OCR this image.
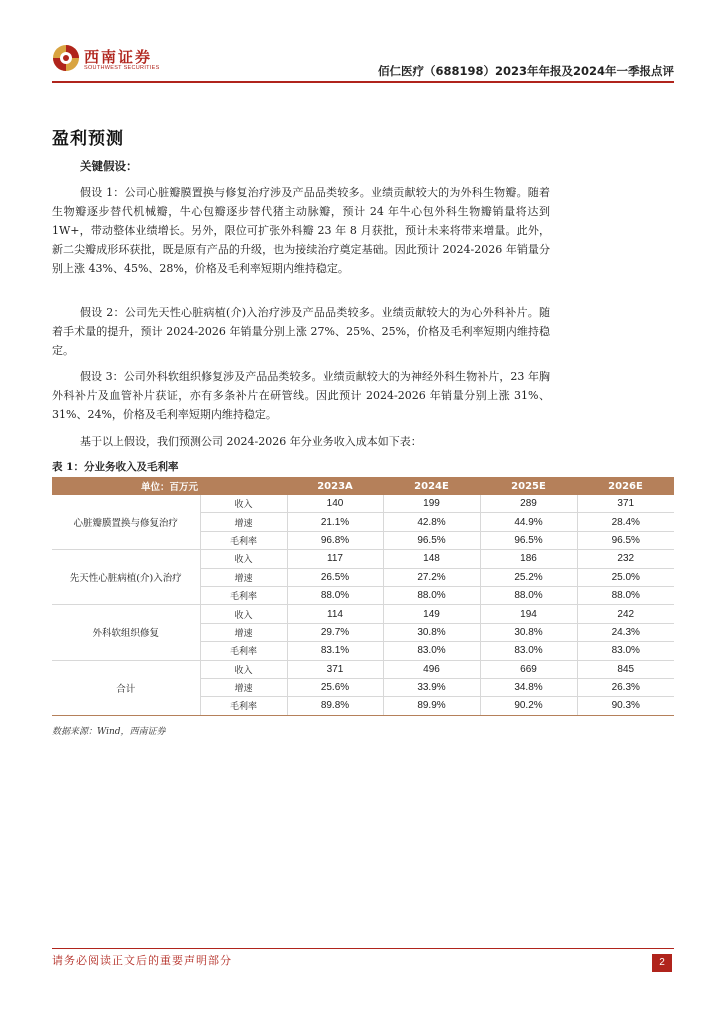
西南证券
SOUTHWEST SECURITIES	佰仁医疗（688198）2023年年报及2024年一季报点评
盈利预测
关键假设：

假设 1：公司心脏瓣膜置换与修复治疗涉及产品品类较多。业绩贡献较大的为外科生物瓣。随着生物瓣逐步替代机械瓣，牛心包瓣逐步替代猪主动脉瓣，预计 24 年牛心包外科生物瓣销量将达到 1W+，带动整体业绩增长。另外，限位可扩张外科瓣 23 年 8 月获批，预计未来将带来增量。此外，新二尖瓣成形环获批，既是原有产品的升级，也为接续治疗奠定基础。因此预计 2024-2026 年销量分别上涨 43%、45%、28%，价格及毛利率短期内维持稳定。

假设 2：公司先天性心脏病植(介)入治疗涉及产品品类较多。业绩贡献较大的为心外科补片。随着手术量的提升，预计 2024-2026 年销量分别上涨 27%、25%、25%，价格及毛利率短期内维持稳定。

假设 3：公司外科软组织修复涉及产品品类较多。业绩贡献较大的为神经外科生物补片，23 年胸外科补片及血管补片获证，亦有多条补片在研管线。因此预计 2024-2026 年销量分别上涨 31%、31%、24%，价格及毛利率短期内维持稳定。

基于以上假设，我们预测公司 2024-2026 年分业务收入成本如下表：

表 1：分业务收入及毛利率
单位：百万元		2023A	2024E	2025E	2026E
心脏瓣膜置换与修复治疗	收入	140	199	289	371
	增速	21.1%	42.8%	44.9%	28.4%
	毛利率	96.8%	96.5%	96.5%	96.5%
先天性心脏病植(介)入治疗	收入	117	148	186	232
	增速	26.5%	27.2%	25.2%	25.0%
	毛利率	88.0%	88.0%	88.0%	88.0%
外科软组织修复	收入	114	149	194	242
	增速	29.7%	30.8%	30.8%	24.3%
	毛利率	83.1%	83.0%	83.0%	83.0%
合计	收入	371	496	669	845
	增速	25.6%	33.9%	34.8%	26.3%
	毛利率	89.8%	89.9%	90.2%	90.3%
数据来源：Wind，西南证券
请务必阅读正文后的重要声明部分	2
